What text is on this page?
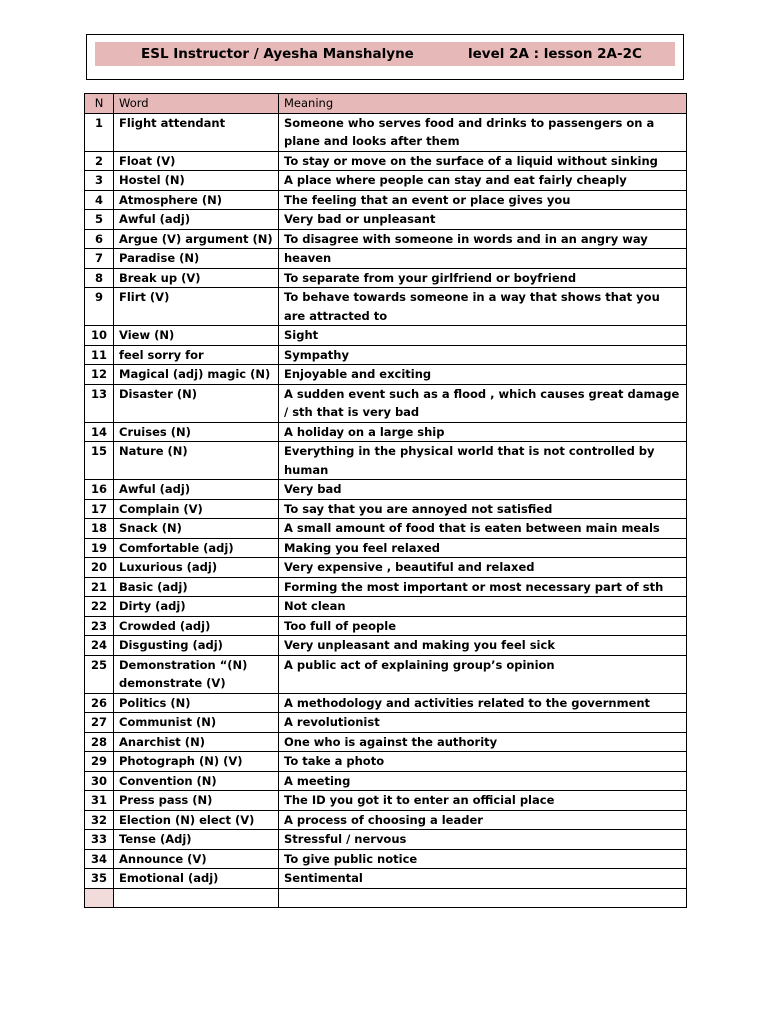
ESL Instructor / Ayesha Manshalyne	level 2A : lesson 2A-2C
N	Word	Meaning
1	Flight attendant	Someone who serves food and drinks to passengers on a plane and looks after them
2	Float (V)	To stay or move on the surface of a liquid without sinking
3	Hostel (N)	A place where people can stay and eat fairly cheaply
4	Atmosphere (N)	The feeling that an event or place gives you
5	Awful (adj)	Very bad or unpleasant
6	Argue (V) argument (N)	To disagree with someone in words and in an angry way
7	Paradise (N)	heaven
8	Break up (V)	To separate from your girlfriend or boyfriend
9	Flirt (V)	To behave towards someone in a way that shows that you are attracted to
10	View (N)	Sight
11	feel sorry for	Sympathy
12	Magical (adj) magic (N)	Enjoyable and exciting
13	Disaster (N)	A sudden event such as a flood , which causes great damage / sth that is very bad
14	Cruises (N)	A holiday on a large ship
15	Nature (N)	Everything in the physical world that is not controlled by human
16	Awful (adj)	Very bad
17	Complain (V)	To say that you are annoyed not satisfied
18	Snack (N)	A small amount of food that is eaten between main meals
19	Comfortable (adj)	Making you feel relaxed
20	Luxurious (adj)	Very expensive , beautiful and relaxed
21	Basic (adj)	Forming the most important or most necessary part of sth
22	Dirty (adj)	Not clean
23	Crowded (adj)	Too full of people
24	Disgusting (adj)	Very unpleasant and making you feel sick
25	Demonstration “(N) demonstrate (V)	A public act of explaining group’s opinion
26	Politics (N)	A methodology and activities related to the government
27	Communist (N)	A revolutionist
28	Anarchist (N)	One who is against the authority
29	Photograph (N) (V)	To take a photo
30	Convention (N)	A meeting
31	Press pass (N)	The ID you got it to enter an official place
32	Election (N) elect (V)	A process of choosing a leader
33	Tense (Adj)	Stressful / nervous
34	Announce (V)	To give public notice
35	Emotional (adj)	Sentimental
